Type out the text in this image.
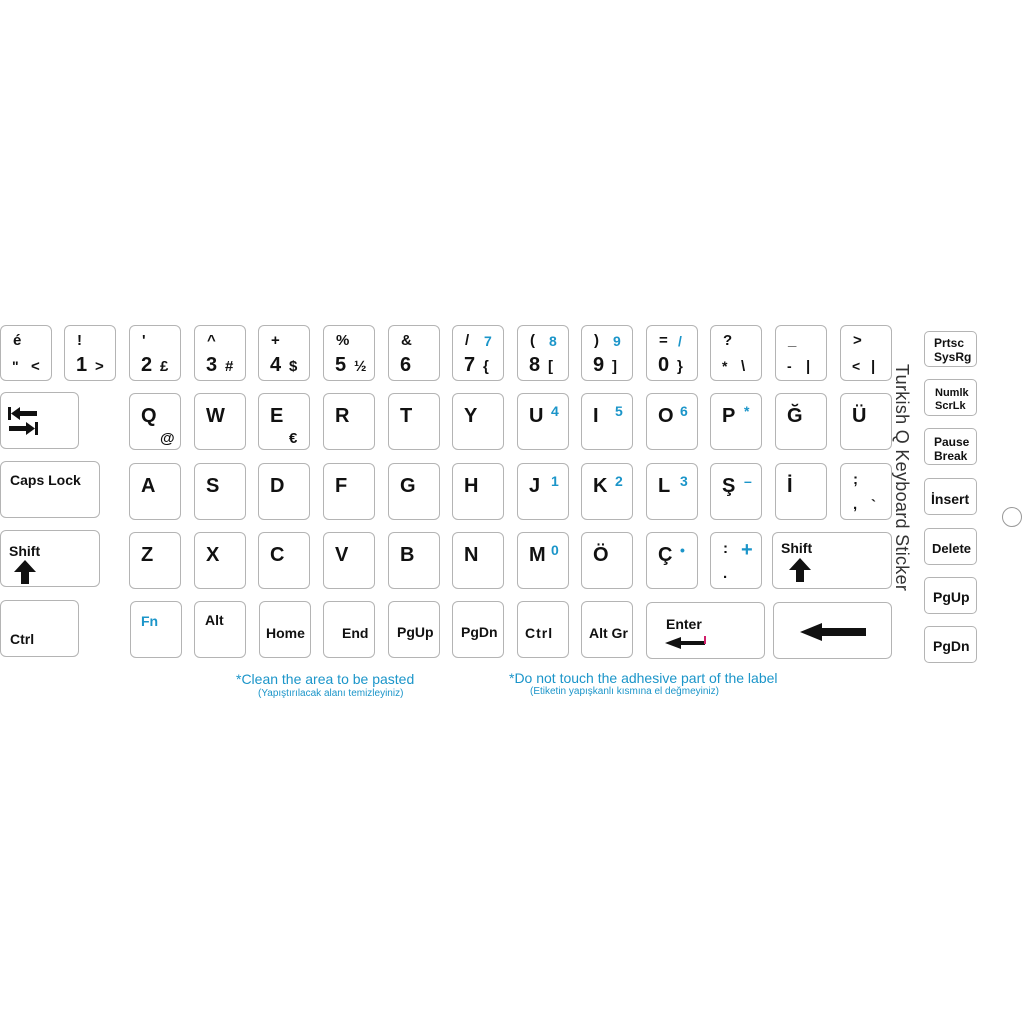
é
" <
!
1 >
'
2 £
^
3 #
+
4 $
%
5 ½
&
6
/ 7
7 {
( 8
8 [
) 9
9 ]
= /
0 }
?
* \
_
- |
>
< |
Q
@
W E
€
R	T	Y	U 4 I 5 O 6 P * Ğ Ü
Caps Lock	A	S	D	F	G H	J 1 K 2 L 3 Ş – İ	;
, `
Shift	Z	X	C	V	B N	M 0 Ö Ç •	: +
.
Shift
Ctrl
Fn	Alt
Home	End PgUp PgDn Ctrl	Alt Gr
Enter
Prtsc
SysRg
Numlk
ScrLk
Pause
Break
İnsert
Delete
PgUp
PgDn
Turkish Q Keyboard Sticker
*Clean the area to be pasted
(Yapıştırılacak alanı temizleyiniz)
*Do not touch the adhesive part of the label
(Etiketin yapışkanlı kısmına el değmeyiniz)
